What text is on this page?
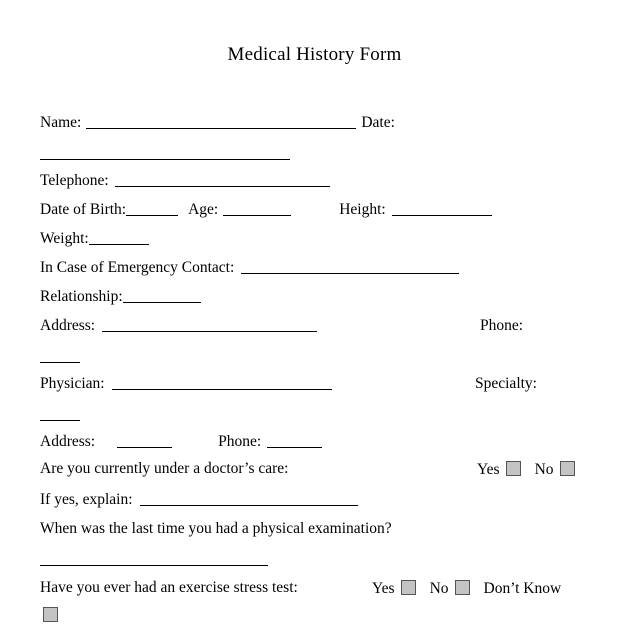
Medical History Form
Name:	Date:
Telephone:
Date of Birth:	Age:	Height:
Weight:
In Case of Emergency Contact:
Relationship:
Address:	Phone:
Physician:	Specialty:
Address:	Phone:
Are you currently under a doctor’s care:	Yes No
If yes, explain:
When was the last time you had a physical examination?
Have you ever had an exercise stress test:	Yes No Don’t Know
